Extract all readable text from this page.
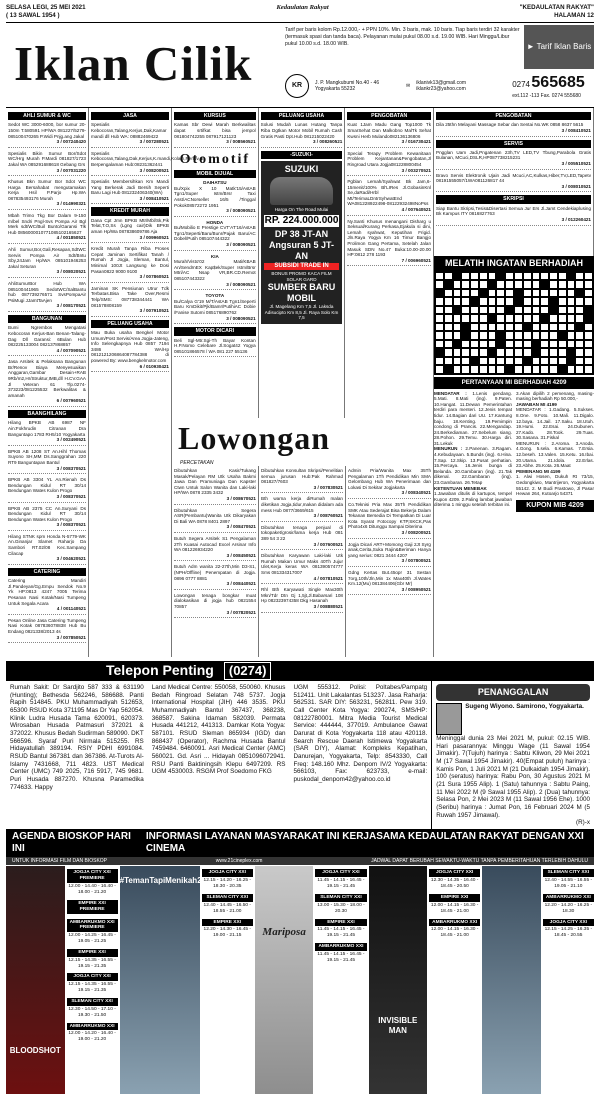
SELASA LEGI, 25 MEI 2021
( 13 SAWAL 1954 )
Kedaulatan Rakyat	"KEDAULATAN RAKYAT"
HALAMAN 12
Iklan Cilik
Tarif per baris kolom Rp.12.000,- + PPN 10%. Min. 3 baris, mak. 10 baris. Tiap baris terdiri 32 karakter (termasuk spasi dan tanda baca). Pelayanan mulai pukul 08.00 s.d. 19.00 WIB. Hari Minggu/Libur pukul 10.00 s.d. 18.00 WIB.	► Tarif Iklan Baris
KR	J. P. Mangkubumi No.40 - 46 Yogyakarta 55232
✉
iklanivk13@gmail.com iklankr23@yahoo.com	0274 565685
ext.112 -113 Fax. 0274 555680
AHLI SUMUR & WC
Sedot WC 3000-6000, bor sumur 20-150m T.580591 HP/WA 081227/5279-085100470265 P.Widi Pnjg.ang Jakal
3 / 007240420
Spesialis Bikin Sumur Bor/Sdot WC/Hrg Murah P.Mardi 081827/1723 Jakal WA 085291688618 Gebang Grs
3 / 007031220
Khusus Bkn Sumur Bor Sdot WC Harga Bersahabat mengutamakan Kerja Hsil P.Parjo Hp.WA 087835493176 Murah
3 / 014990321
Mbah Trimo Tkg Bor Dalam 9-150 m/bel Sndri Pngl-Svs Pompa Air Bgl Merk sdt/WC/Buil Bunto/Garansi Tlk Hub 0856000010771085102165627
4 / 001850521
Ahli Sumur,Bor,Gali,Resapan,SdtWC Servis Pompa Air Sdt/Bntu Sby,24Jam Hp/WA 085101946253 Jakal Seturan
3 / 008020521
AhliSumurBor Hub WA 085100441965 SedotWC/SalBantu hub 087739276571 SvsPompaAir PsiMugi JJamtTaAjen
3 / 008170521
BANGUNAN
Bumi Ngrembos Mengatasi Kebocoran Kerjus-Ban Benan-Talang-Dag Dll Garansi: 6Bulan Hub 082225133004 082137868857
4 / 007090521
Jasa Arsitek & Pelaksana Bangunan Br/Renov Biaya Menyesuaikan Anggaran,Gambar Desain+RAB 9Rb/m2,Hr/Struktur,IMB,dll H.CV.GAA Jl Veteran 61 Tlp.0274-373223/081225532 Berkwalitas & amanah
6 / 007960521
BAANGHILANG
Hilang BPKB AB 6987 NF Ain:Fokhrudin Citranan Dra Banguntapo 1783 RH5/10 Yogyakarta
3 / 002490521
BPKB AB 1208 ST An.Hihl Thomas Suyono SH,MM Ds.Sanggrahan 220 RT9 Banguntapan Bantul
3 / 008370521
BPKB AB 3304 YL An.Rienah Ds Bendungan Kidul RT 30/14 Bendungan Wates Kulon Progo
3 / 008370521
BPKB AB 2375 CC An.Suryani Ds Bendungan Kidul RT 30/14 Bendungan Wates Kulon Progo
3 / 008370521
Hilang STNK spm Honda N-5779-WK An.Ginanjar Slamet Raharjo Da Sambori RT.02/08 Kec.Sampang Cilacap
3 / 004620521
CATERING
Catering Mandiri Jl.Pandeyan/Gg.Empu Sendok No.9 Yk HP:0813 4247 7005 Terima Pesanan Nasi Kotak/Nasi Tumpeng Untuk Segala Acara
4 / 001140521
Pesan Online Jasa Catering Tumpeng Nasi Kotak 087836078838 Hub Bu Endang 0821338/2013 4s
3 / 007850521
JASA
Spesialis Kebocoran,Talang,Kerjus,Dak,Kamar mandi dll Hub WA: 08882469422
3 / 007280521
Spesialis Kebocoran,Talang,Dak,Kerjus,K.mandi,Kolam,Renov,dll Berpengalaman Hub:08231362441
3 / 008200521
Spesialis Membersihkan Km Mandi Yang Berkerak Jadi Bersih Seperti Baru Lagi Hub 081232406340(WA)
3 / 008410521
KREDIT MURAH
Dana Cpt Jmn BPKB Mtr/Mbl/Sk,Pik Telat,T.O,Ss (Lgng cair)Dik BPKB aman Hp/Wa 087838609786 Aja
3 / 009960521
Kredit Murah Tanpa Riba Proses Cepat Jaminan Sertifikat Tanah / Rumah Jl Jogja, Sleman, Bantul, Minimal 100Jt Langsung ke Dosi Pasan0822 9000 9100
3 / 007860521
Jaminan SK Pensiunan Utrur Tdk Terbatas.Bisa Take Over,Resmi Telp/SMS: 087738344441 WA 081578808159
3 / 007910521
PELUANG USAHA
Mau Buka usaha Bengkel Motor Umum/Post Servis/Area Jogja-Jateng, Info Selengkapnya Hub 0857 7194 3486 WA/Hp 0812121206864087784388 di powered By: www.bengkelmotor.com
6 / 010930421
KURSUS
Kamas Sbr Dewi Marah Berkwalitas dapat srtifkat bisa jempol 081804742255 087917121123
3 / 008560521
Otomotif
MOBIL DIJUAL
DAIHATSU
Bu/Xpix X 10 Matk'15/AstAB Tgn1/Super Istm/Brsr Taxi Asst/ACNorsellet 16/5 /Tinggal Pokok08572272 1951
3 / 008090521
HONDA
Bu/Mobilio E Prestige CVT'AT'16/AstAB Tgn1/Seperti/Baru/Bunr/Pajak Baru/AC Dobel/Putih 085107444322
3 / 008090521
KIA
Murah/Visto'02 Mati/KBAB An/SendrnEX Kap$ek/Super Istm/Brsr Mtri/AC Nsap VR,BR.CD.Remot 085107443322
3 / 008090521
TOYOTA
Bu/Calya G'19 M/T/AstAB Tgn1/Seperti Baru KmDikit/Pjk/Bamr/PutihiAC Dobie /Fanise Sutomi 085176890762
3 / 008090521
MOTOR DICARI
Beli Sgl-Mtr.Sgi-Th Bayar Kontan H.P.Nomo Celebare Jl.Sogat42 Yogya 085101866578 / WA 081 227 55136
PELUANG USAHA
Solusi Mudah Lunas Hutang Tanpa Riba Dgtkan Motor Mobil Rumah Cash Gratis Pasti Dpt.Hub 081215022420
3 / 008260521
-SUZUKI-
SUZUKI
Harga On The Road Mulai
RP. 224.000.000
DP 38 JT-AN
Angsuran 5 JT-AN
SUBSIDI TRADE IN
BONUS PROMO KACA FILM SOLAR GARD
SUMBER BARU MOBIL
Jl. Magelang Km 7,5 Jl. Laksda Adisucipto Km 8,5 Jl. Raya Solo Km 7,5
PENGOBATAN
Kuat 1Jam Madu Gang Top1000 Tk SmarSehat Dan Malkobno MalTk Sehat Kwsni Herb Mulando082136136806
3 / 016730421
Special Terapy Problem Kewanitaan Problem Kejantanan&Pengobatan,Jl Ringroad Utara Jogja081228800454
3 / 003270521
Pgblan Lemah/Syahwat Bk Jam,6-15menit/100% Bl'LIRes Jl.GobasinKnl Se,daRadi/Hrbl Mt/TerimaLDntrSyhwatEnd WA081228922498-08122932498NoPss
4 / 007640521
Ny.Santi Khusus menangani Disharg u Seksual/Kurang Perkasa,Ejakula si dini, Lemah syahwat, Keputihan Frigid. Jln.Raya Yogya Km 16 Timur Bangjo Prolimon Gang Pertama, Setelah Jalan Masuk SDN No.47 Buka:10.00-20.00 HP:0812 278 1193
7 / 006960521
Lowongan
PERCETAKAN
Dibutuhkan Kasir/Tukang Masak/Pelayan RM Utk Usaha Bakmi Jawa Dan Pramuniaga Dan Kapster Ctwn Untuk Salon Wanita dan Laki-laki HP/WA 0878 2335 3432
3 / 008670521
Dibutuhkan Segera ASR(Pembantu)Wanita Utk Dikaryakan Di Bali WA 0878 8401 2897
3 / 008470521
Butuh Segera Arsitek S1 Pengalaman 2Th Kuasai Autocad Excel Arsinar Info WA 081226934220
3 / 008450521
Butuh Adm wanita 22-27th,Min D3-S1,(NPH/Offline) Penempatan di Jogja. 0896 0777 8881
3 / 008440521
Lowongan tenaga bongkar muat dialokasikan di jogja hub 0821554 70857
3 / 007820521
Dibutuhkan Konsultan Skripsi/Penelitian semua jurusan Hub:Pak Rahmad 081827/7603
3 / 007830521
Bth warna kerja diRumah malan diketikan Jogja,tidur,makan didalam ada mess Hub 0877/3669/615
3 / 008760521
Dibutuhkan tenaga penjual di tokopaket/grosir/lama kerja Hub 081 389 54 3 22
3 / 007600521
Dibutuhkan Karyawan Laki-laki Utk Rumah Makan Umur Maks 40Th Jujur Ulet,Kerja keras WA 081390574777 Sms 081334317007
4 / 007810521
Rhl Bth Karyawati Single Max30th Mkn/Tdr Dtn Gj 1,5jt,Jl.Babarsari 108 Hp 082323974358 Dkg Hasanah
3 / 008880521
Admin Pria/Wanita Max 35Th Pengalaman 1Th Pendidikan Min SMA Gelombang Hub WA Penerimaan dan Lokasi Di Sekitar Jogjakarta
3 / 008340521
Co.Teknisi Pria Max 35Th Pendidikan SMK Atau Sederajat Bisa Bekerja Dalam Tekanan Bersedia Di Tempatkan Di Luar Kota Syarat Fotocopy KTP,SKCK,Pas Photo4x6 Ditunggu Sampai Diterima
3 / 008200521
Jogja Dicari ART+Momong Gaji 2Jt Syrg anak,Cerita,Suka Rajin&Beriman Hanya yang serius: 0821 3444 4207
3 / 007800521
Gdng Kertas But.45opr 31 Sestan 7org,10th/Jln,Min 1x Max40th Jl.Wates Km.12(Mu) 081384406(Gbr Mr)
3 / 008950521
PENGOBATAN
Dila 25thn Melayani Massage Sebar dan Sentai No.WK 0858 8637 5615
3 / 008410521
SERVIS
Pngglan Uam Jadi,Pngatenan 23h,TV LED,TV Tbung,Parabola Gratis Bulanan, MCuci,DSLR,HP087738215231
3 / 005510521
Bravo Servis Elektronik Ujain Jadi Mcuci,AC,Kulkas,Hiber,TV,LED,Tapetv 08191555057/1WA081126817 44
3 / 008010521
SKRIPSI
Siap Bantu Skripsi,Tesis&Disertasi Semua Jur Ers Jl.Jamt Cendekiaplusing Bk Kampus ITY 0816827763
3 / 012260421
MELATIH INGATAN BERHADIAH
PERTANYAAN MI BERHADIAH 4209
MENDATAR : 1.Lenis gendang. 5.Mati. 8.Mati (ing). 9.Paten. 10.Hangat. 11.Dewan Pemerintahan terdiri para menteri. 12.Jenis tempat tidur. 14.Bagian dari UU. 17.Kantung baju. 18.Kenting. 19.Pemimpin condong di Prancis. 22.Mengandap. 24.Berkediaman. 27.Sebelum siang. 28.Pohon. 29.Temu. 30.Harga diri. 31.Lekuk
MENURUN : 2.Panenan. 3.Ragam. 4.Kebudayaan. 5.Bunds (ing). 6.Hina. 7.Sap. 12.Skip. 13.Pusat perhatian. 15.Percaya. 16.Jenis bunga di Belanda. 20.Gambaran (ing). 21.Tak dikenal. 22.Gambaran (ing). 23.Gambaran. 26.Tetap
KETENTUAN MENEBAK
1.Jawaban ditulis di kartupos, tempel Kupon 4209. 2.Paling lambat jawaban diterima 1 minggu setelah terbitan ini.
3.Akan dipilih 2 pemenang, masing-masing berhadiah Rp 50.000,-
JAWABAN MI 4199
MENDATAR : 1.Gadang. 5.Sukses. 8.One. 9.Foto. 10.Mali. 11.Digalo. 12.baya. 14.Jail. 17.Saku. 18.Utuh. 19.Humi. 22.Esai. 24.Dubunen. 27.Kado. 28.Took. 29.Tuas. 30.Sasana. 31.Fiskal
MENURUN : 2.Aroma. 3.Anoda. 4.Gong. 5.sela. 6.Kamas. 7.Ersia. 12.beseh. 13.Valen. 15.Ketu. 16.Ibai. 20.Utama. 21.Idola. 22.Erlas. 23.Abhe. 25.Kota. 26.Maat
PEMENANG MI 4199
1. Alwi Hosen, Dukuh Rt 73/15, Gedongkiwo, Mantrijeron, Yogyakarta 55142. 2. M Budi Prastowo, Jl Pasar Hewan 264, Kutoarjo 54371
KUPON MIB 4209
Telepon Penting	(0274)
Rumah Sakit: Dr Sardjito 587 333 & 631190 (Hunting); Bethesda 562246, 586688. Panti Rapih 514845. PKU Muhammadiyah 512653, 65300 RSUD Kota 371195 Mas Dr Yap 562054. Klinik Ludra Husada Tama 620091, 620373. Wirosaban Husada Patmasuri 372021 & 372022. Khusus Bedah Sudirman 589090. DKT 566596. Syaraf Puri Nirmala 515255. RS Hidayatullah 389194. RSIY PDHI 6991084. RSUD Bantul 367381 dan 367386. At-Turots Al-Islamy 7431668, 711 4823. UST Medical Center (UMC) 749 2025, 716 5917, 745 9681. Puri Husada 887270. Khusna Paramedika 774633. Happy
Land Medical Centre: 550058, 550060. Khusus Bedah Ringroad Selatan 748 5737. Jogja International Hospital (JIH) 446 3535. PKU Muhammadiyah Bantul 367437, 368238, 368587. Sakina Idaman 582039. Permata Husada 441212, 441313. Damkar Kota Yogya: 587101. RSUD Sleman 865934 (IGD) dan 868437 (Operator), Rachma Husada Bantul 7459484. 6460091. Asri Medical Center (AMC) 560021. Gd. Asri ... Hidayah 0851096072941. RSU Panti Baktiningsih Klepu 6497209. RS UGM 4530003. RSGM Prof Soedomo FKG
UGM 555312. Polisi: Poltabes/Pampatg 512411. Unit Lakalantas 513237. Jasa Raharja: 562531. SAR DIY: 563231, 562811. Pew 319. Call Center Kota Yogya: 290274, SMS/HP: 08122780001. Mitra Media Tourist Medical Service: 444444, 377019. Ambulance Gawat Darurat di Kota Yogyakarta 118 atau 420118. Search Rescue Daerah Istimewa Yogyakarta (SAR DIY), Alamat: Kompleks Kepatihan, Danurejan, Yogyakarta, Telp: 8543330, Call Freq: 148.160 Mhz. Denpom IV/2 Yogyakarta: 566103, Fax: 623733, e-mail: puskodal_denpom42@yahoo.co.id
PENANGGALAN
Sugeng Wiyono. Samirono, Yogyakarta.
Meninggal dunia 23 Mei 2021 M, pukul: 02.15 WIB. Hari pasarannya: Minggu Wage (11 Sawal 1954 Jimakir). 7(Tujuh) harinya : Sabtu Kliwon, 29 Mei 2021 M (17 Sawal 1954 Jimakir). 40(Empat puluh) harinya : Kamis Pon, 1 Juli 2021 M (21 Dulkaidah 1954 Jimakir). 100 (seratus) harinya: Rabu Pon, 30 Agustus 2021 M (21 Sura 1955 Alip). 1 (Satu) tahunnya : Sabtu Paing, 11 Mei 2022 M (9 Sawal 1955 Alip). 2 (Dua) tahunnya: Selasa Pon, 2 Mei 2023 M (11 Sawal 1956 Ehe). 1000 (Seribu) harinya : Jumat Pon, 16 Februari 2024 M (5 Ruwah 1957 Jimawal).
(R)-x
AGENDA BIOSKOP HARI INI
INFORMASI LAYANAN MASYARAKAT INI KERJASAMA KEDAULATAN RAKYAT DENGAN XXI CINEMA
UNTUK INFORMASI FILM DAN BIOSKOP	www.21cineplex.com	JADWAL DAPAT BERUBAH SEWAKTU-WAKTU TANPA PEMBERITAHUAN TERLEBIH DAHULU
BLOODSHOT
JOGJA CITY XXI PREMIERE
12.00 - 14.40 - 16.40 - 18.00 - 21.20
EMPIRE XXI PREMIERE
AMBARRUKMO XXI PREMIERE
12.00 - 14.25 - 16.45 - 19.05 - 21.25
EMPIRE XXI
12.15 - 14.35 - 16.55 - 19.15 - 21.35
JOGJA CITY XXI
12.15 - 14.35 - 16.55 - 19.15 - 21.35
SLEMAN CITY XXI
12.30 - 14.50 - 17.10 - 19.30 - 21.50
AMBARRUKMO XXI
12.00 - 14.20 - 16.40 - 19.00 - 21.20
#TemanTapiMenikah2
JOGJA CITY XXI
12.15 - 14.20 - 16.25 - 18.30 - 20.35
SLEMAN CITY XXI
12.40 - 14.45 - 16.50 - 18.55 - 21.00
EMPIRE XXI
12.20 - 14.30 - 16.45 - 19.00 - 21.15	Mariposa
JOGJA CITY XXI
11.45 - 14.15 - 16.45 - 19.15 - 21.45
SLEMAN CITY XXI
13.00 - 15.30 - 18.00 - 20.30
EMPIRE XXI
11.45 - 14.15 - 16.45 - 19.15 - 21.45
AMBARRUKMO XXI
11.45 - 14.15 - 16.45 - 19.15 - 21.45
INVISIBLE MAN
JOGJA CITY XXI
12.30 - 14.35 - 16.40 - 18.45 - 20.50
EMPIRE XXI
12.00 - 14.15 - 16.30 - 18.45 - 21.00
AMBARRUKMO XXI
12.00 - 14.15 - 16.30 - 18.45 - 21.00
SLEMAN CITY XXI
12.40 - 14.55 - 16.55 - 19.05 - 21.10
AMBARRUKMO XXI
12.20 - 14.20 - 16.25 - 18.30
JOGJA CITY XXI
12.15 - 14.25 - 16.35 - 18.45 - 20.55
